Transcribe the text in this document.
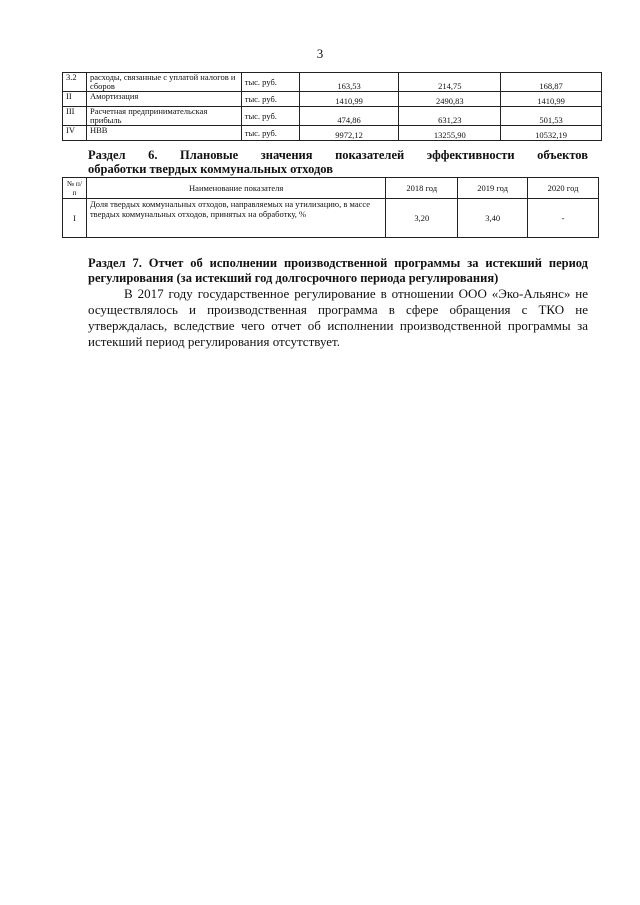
3
3.2	расходы, связанные с уплатой налогов и сборов	тыс. руб.	163,53	214,75	168,87
II	Амортизация	тыс. руб.	1410,99	2490,83	1410,99
III	Расчетная предпринимательская прибыль	тыс. руб.	474,86	631,23	501,53
IV	НВВ	тыс. руб.	9972,12	13255,90	10532,19
Раздел 6. Плановые значения показателей эффективности объектов
обработки твердых коммунальных отходов
№ п/п	Наименование показателя	2018 год	2019 год	2020 год
I	Доля твердых коммунальных отходов, направляемых на утилизацию, в массе твердых коммунальных отходов, принятых на обработку, %	3,20	3,40	-
Раздел 7. Отчет об исполнении производственной программы за истекший период регулирования (за истекший год долгосрочного периода регулирования)
В 2017 году государственное регулирование в отношении ООО «Эко-Альянс» не осуществлялось и производственная программа в сфере обращения с ТКО не утверждалась, вследствие чего отчет об исполнении производственной программы за истекший период регулирования отсутствует.
